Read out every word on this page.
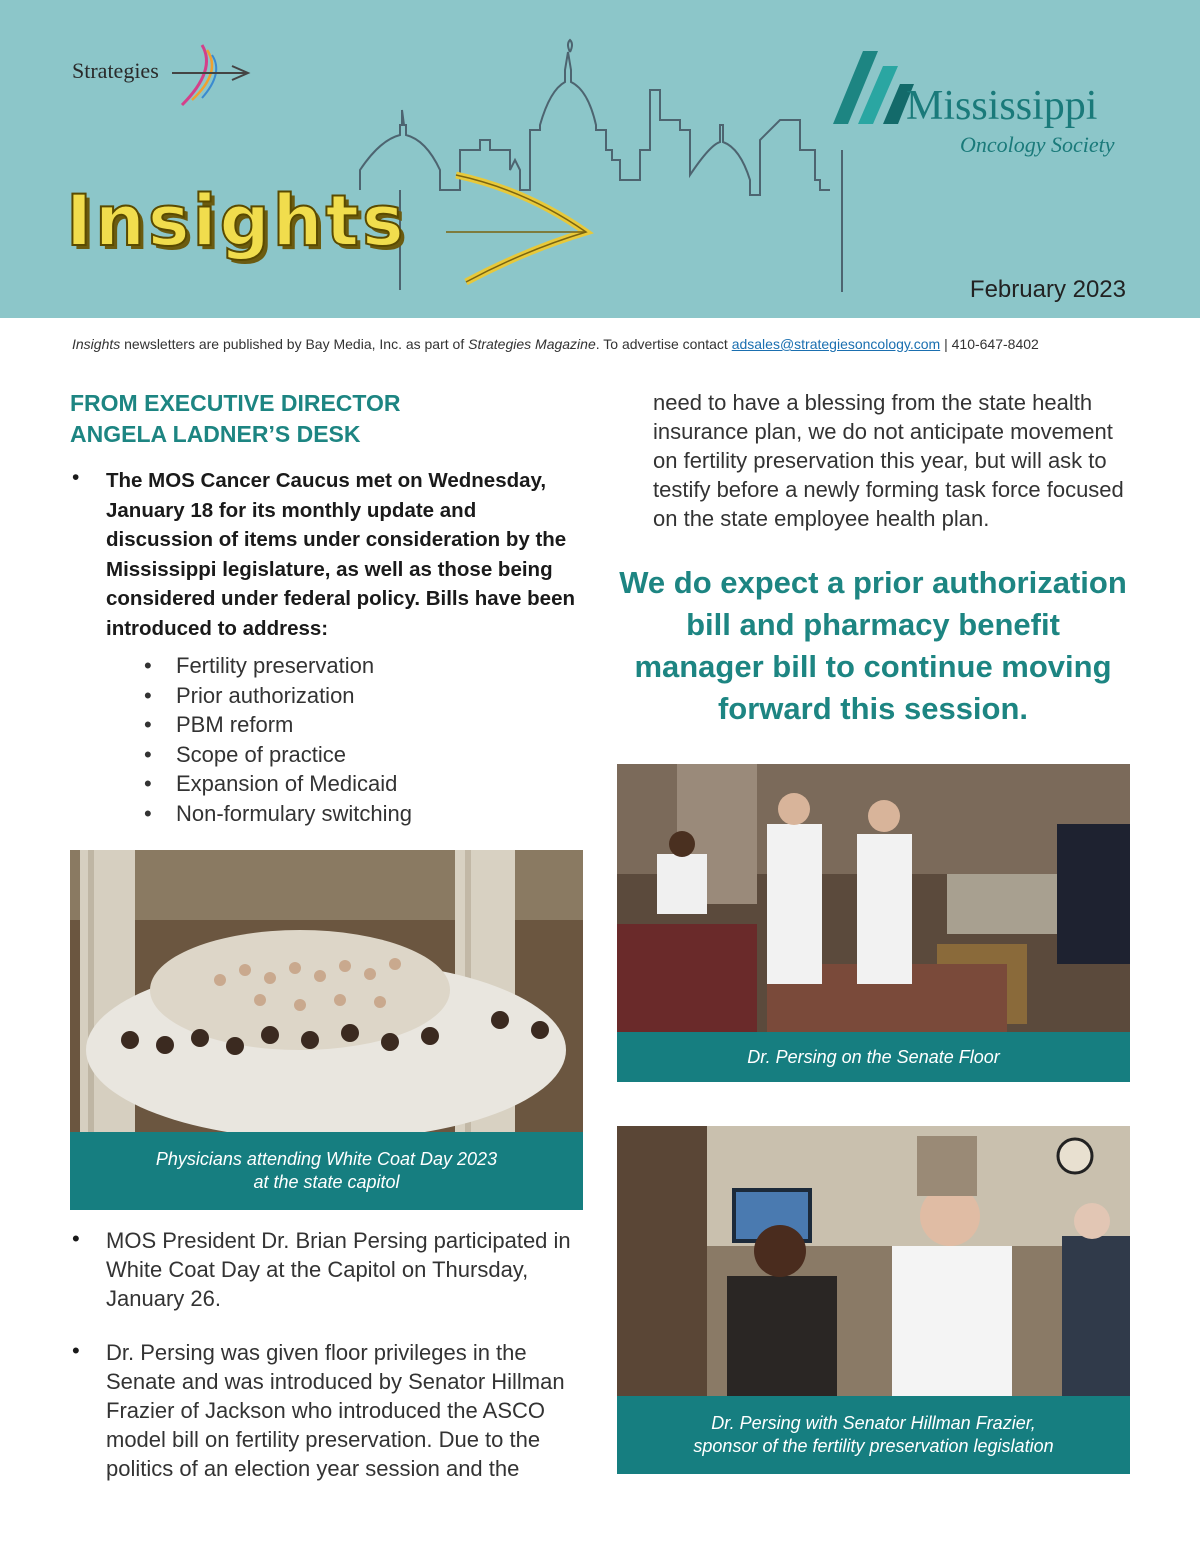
Strategies
Insights
Mississippi
Oncology Society
February 2023
Insights newsletters are published by Bay Media, Inc. as part of Strategies Magazine. To advertise contact adsales@strategiesoncology.com | 410-647-8402
FROM EXECUTIVE DIRECTOR
ANGELA LADNER’S DESK
• The MOS Cancer Caucus met on Wednesday, January 18 for its monthly update and discussion of items under consideration by the Mississippi legislature, as well as those being considered under federal policy. Bills have been introduced to address:

• Fertility preservation
• Prior authorization
• PBM reform
• Scope of practice
• Expansion of Medicaid
• Non-formulary switching
Physicians attending White Coat Day 2023
at the state capitol
• MOS President Dr. Brian Persing participated in White Coat Day at the Capitol on Thursday, January 26.

• Dr. Persing was given floor privileges in the Senate and was introduced by Senator Hillman Frazier of Jackson who introduced the ASCO model bill on fertility preservation. Due to the politics of an election year session and the

need to have a blessing from the state health insurance plan, we do not anticipate movement on fertility preservation this year, but will ask to testify before a newly forming task force focused on the state employee health plan.
We do expect a prior authorization bill and pharmacy benefit manager bill to continue moving forward this session.
Dr. Persing on the Senate Floor
Dr. Persing with Senator Hillman Frazier,
sponsor of the fertility preservation legislation
